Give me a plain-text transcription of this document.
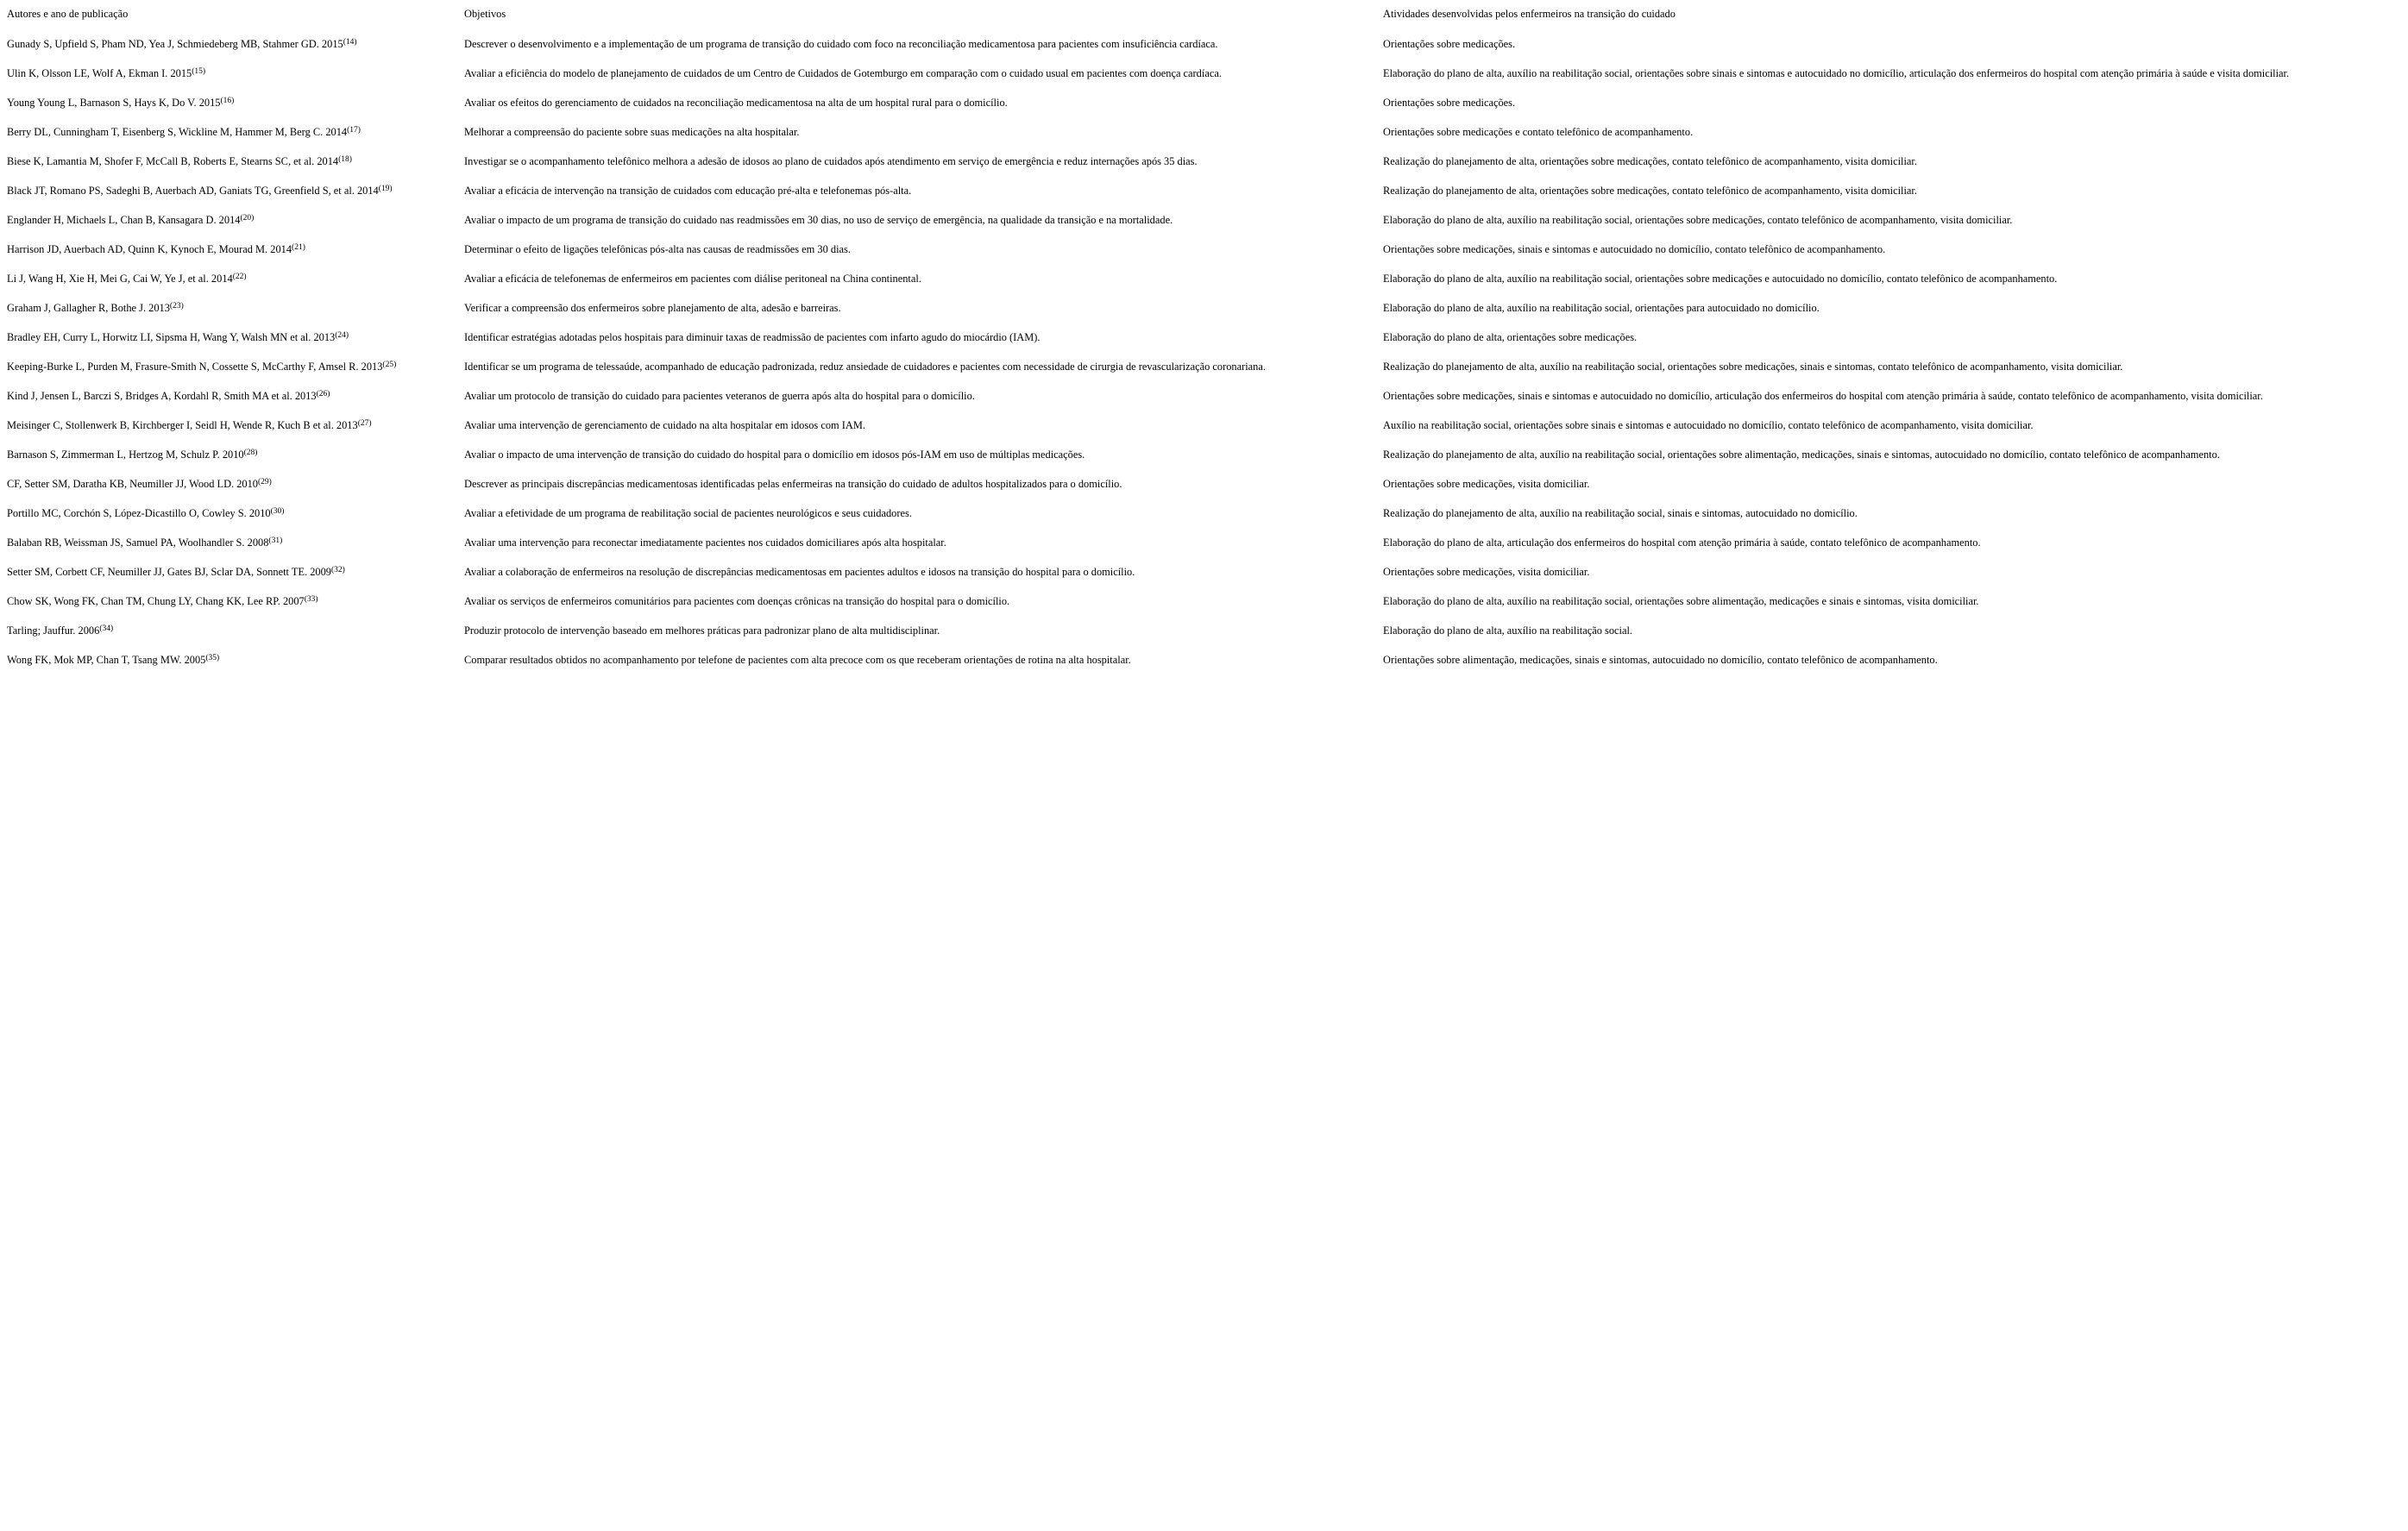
Autores e ano de publicação	Objetivos	Atividades desenvolvidas pelos enfermeiros na transição do cuidado
Gunady S, Upfield S, Pham ND, Yea J, Schmiedeberg MB, Stahmer GD. 2015$^{(14)}$	Descrever o desenvolvimento e a implementação de um programa de transição do cuidado com foco na reconciliação medicamentosa para pacientes com insuficiência cardíaca.	Orientações sobre medicações.
Ulin K, Olsson LE, Wolf A, Ekman I. 2015$^{(15)}$	Avaliar a eficiência do modelo de planejamento de cuidados de um Centro de Cuidados de Gotemburgo em comparação com o cuidado usual em pacientes com doença cardíaca.	Elaboração do plano de alta, auxílio na reabilitação social, orientações sobre sinais e sintomas e autocuidado no domicílio, articulação dos enfermeiros do hospital com atenção primária à saúde e visita domiciliar.
Young Young L, Barnason S, Hays K, Do V. 2015$^{(16)}$	Avaliar os efeitos do gerenciamento de cuidados na reconciliação medicamentosa na alta de um hospital rural para o domicílio.	Orientações sobre medicações.
Berry DL, Cunningham T, Eisenberg S, Wickline M, Hammer M, Berg C. 2014$^{(17)}$	Melhorar a compreensão do paciente sobre suas medicações na alta hospitalar.	Orientações sobre medicações e contato telefônico de acompanhamento.
Biese K, Lamantia M, Shofer F, McCall B, Roberts E, Stearns SC, et al. 2014$^{(18)}$	Investigar se o acompanhamento telefônico melhora a adesão de idosos ao plano de cuidados após atendimento em serviço de emergência e reduz internações após 35 dias.	Realização do planejamento de alta, orientações sobre medicações, contato telefônico de acompanhamento, visita domiciliar.
Black JT, Romano PS, Sadeghi B, Auerbach AD, Ganiats TG, Greenfield S, et al. 2014$^{(19)}$	Avaliar a eficácia de intervenção na transição de cuidados com educação pré-alta e telefonemas pós-alta.	Realização do planejamento de alta, orientações sobre medicações, contato telefônico de acompanhamento, visita domiciliar.
Englander H, Michaels L, Chan B, Kansagara D. 2014$^{(20)}$	Avaliar o impacto de um programa de transição do cuidado nas readmissões em 30 dias, no uso de serviço de emergência, na qualidade da transição e na mortalidade.	Elaboração do plano de alta, auxílio na reabilitação social, orientações sobre medicações, contato telefônico de acompanhamento, visita domiciliar.
Harrison JD, Auerbach AD, Quinn K, Kynoch E, Mourad M. 2014$^{(21)}$	Determinar o efeito de ligações telefônicas pós-alta nas causas de readmissões em 30 dias.	Orientações sobre medicações, sinais e sintomas e autocuidado no domicílio, contato telefônico de acompanhamento.
Li J, Wang H, Xie H, Mei G, Cai W, Ye J, et al. 2014$^{(22)}$	Avaliar a eficácia de telefonemas de enfermeiros em pacientes com diálise peritoneal na China continental.	Elaboração do plano de alta, auxílio na reabilitação social, orientações sobre medicações e autocuidado no domicílio, contato telefônico de acompanhamento.
Graham J, Gallagher R, Bothe J. 2013$^{(23)}$	Verificar a compreensão dos enfermeiros sobre planejamento de alta, adesão e barreiras.	Elaboração do plano de alta, auxílio na reabilitação social, orientações para autocuidado no domicílio.
Bradley EH, Curry L, Horwitz LI, Sipsma H, Wang Y, Walsh MN et al. 2013$^{(24)}$	Identificar estratégias adotadas pelos hospitais para diminuir taxas de readmissão de pacientes com infarto agudo do miocárdio (IAM).	Elaboração do plano de alta, orientações sobre medicações.
Keeping-Burke L, Purden M, Frasure-Smith N, Cossette S, McCarthy F, Amsel R. 2013$^{(25)}$	Identificar se um programa de telessaúde, acompanhado de educação padronizada, reduz ansiedade de cuidadores e pacientes com necessidade de cirurgia de revascularização coronariana.	Realização do planejamento de alta, auxílio na reabilitação social, orientações sobre medicações, sinais e sintomas, contato telefônico de acompanhamento, visita domiciliar.
Kind J, Jensen L, Barczi S, Bridges A, Kordahl R, Smith MA et al. 2013$^{(26)}$	Avaliar um protocolo de transição do cuidado para pacientes veteranos de guerra após alta do hospital para o domicílio.	Orientações sobre medicações, sinais e sintomas e autocuidado no domicílio, articulação dos enfermeiros do hospital com atenção primária à saúde, contato telefônico de acompanhamento, visita domiciliar.
Meisinger C, Stollenwerk B, Kirchberger I, Seidl H, Wende R, Kuch B et al. 2013$^{(27)}$	Avaliar uma intervenção de gerenciamento de cuidado na alta hospitalar em idosos com IAM.	Auxílio na reabilitação social, orientações sobre sinais e sintomas e autocuidado no domicílio, contato telefônico de acompanhamento, visita domiciliar.
Barnason S, Zimmerman L, Hertzog M, Schulz P. 2010$^{(28)}$	Avaliar o impacto de uma intervenção de transição do cuidado do hospital para o domicílio em idosos pós-IAM em uso de múltiplas medicações.	Realização do planejamento de alta, auxílio na reabilitação social, orientações sobre alimentação, medicações, sinais e sintomas, autocuidado no domicílio, contato telefônico de acompanhamento.
CF, Setter SM, Daratha KB, Neumiller JJ, Wood LD. 2010$^{(29)}$	Descrever as principais discrepâncias medicamentosas identificadas pelas enfermeiras na transição do cuidado de adultos hospitalizados para o domicílio.	Orientações sobre medicações, visita domiciliar.
Portillo MC, Corchón S, López-Dicastillo O, Cowley S. 2010$^{(30)}$	Avaliar a efetividade de um programa de reabilitação social de pacientes neurológicos e seus cuidadores.	Realização do planejamento de alta, auxílio na reabilitação social, sinais e sintomas, autocuidado no domicílio.
Balaban RB, Weissman JS, Samuel PA, Woolhandler S. 2008$^{(31)}$	Avaliar uma intervenção para reconectar imediatamente pacientes nos cuidados domiciliares após alta hospitalar.	Elaboração do plano de alta, articulação dos enfermeiros do hospital com atenção primária à saúde, contato telefônico de acompanhamento.
Setter SM, Corbett CF, Neumiller JJ, Gates BJ, Sclar DA, Sonnett TE. 2009$^{(32)}$	Avaliar a colaboração de enfermeiros na resolução de discrepâncias medicamentosas em pacientes adultos e idosos na transição do hospital para o domicílio.	Orientações sobre medicações, visita domiciliar.
Chow SK, Wong FK, Chan TM, Chung LY, Chang KK, Lee RP. 2007$^{(33)}$	Avaliar os serviços de enfermeiros comunitários para pacientes com doenças crônicas na transição do hospital para o domicílio.	Elaboração do plano de alta, auxílio na reabilitação social, orientações sobre alimentação, medicações e sinais e sintomas, visita domiciliar.
Tarling; Jauffur. 2006$^{(34)}$	Produzir protocolo de intervenção baseado em melhores práticas para padronizar plano de alta multidisciplinar.	Elaboração do plano de alta, auxílio na reabilitação social.
Wong FK, Mok MP, Chan T, Tsang MW. 2005$^{(35)}$	Comparar resultados obtidos no acompanhamento por telefone de pacientes com alta precoce com os que receberam orientações de rotina na alta hospitalar.	Orientações sobre alimentação, medicações, sinais e sintomas, autocuidado no domicílio, contato telefônico de acompanhamento.
